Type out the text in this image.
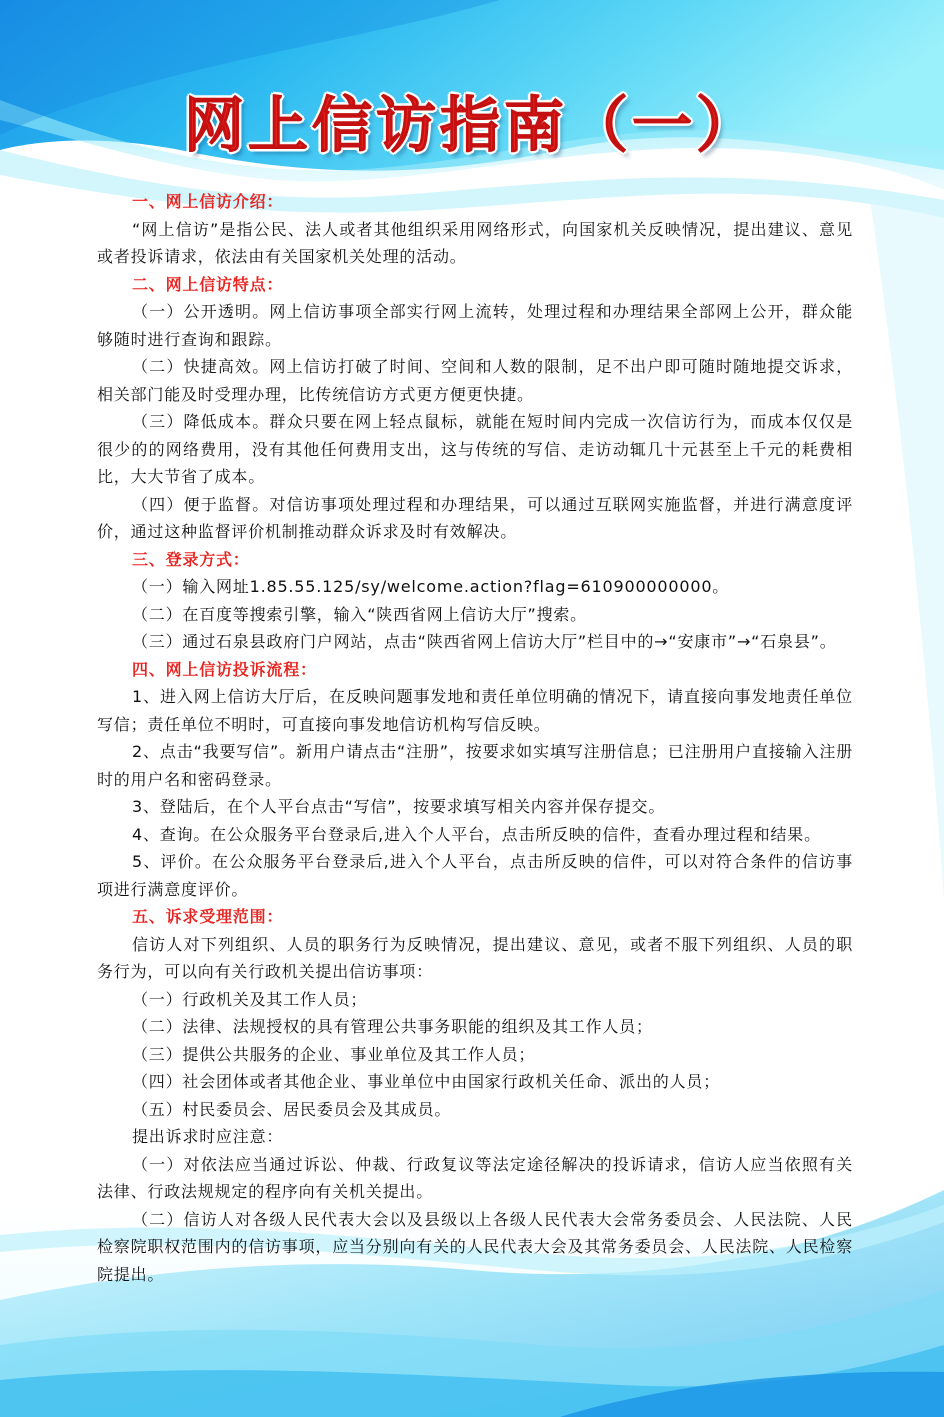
网上信访指南（一）

一、网上信访介绍：

“网上信访”是指公民、法人或者其他组织采用网络形式，向国家机关反映情况，提出建议、意见或者投诉请求，依法由有关国家机关处理的活动。

二、网上信访特点：

（一）公开透明。网上信访事项全部实行网上流转，处理过程和办理结果全部网上公开，群众能够随时进行查询和跟踪。

（二）快捷高效。网上信访打破了时间、空间和人数的限制，足不出户即可随时随地提交诉求，相关部门能及时受理办理，比传统信访方式更方便更快捷。

（三）降低成本。群众只要在网上轻点鼠标，就能在短时间内完成一次信访行为，而成本仅仅是很少的的网络费用，没有其他任何费用支出，这与传统的写信、走访动辄几十元甚至上千元的耗费相比，大大节省了成本。

（四）便于监督。对信访事项处理过程和办理结果，可以通过互联网实施监督，并进行满意度评价，通过这种监督评价机制推动群众诉求及时有效解决。

三、登录方式：

（一）输入网址1.85.55.125/sy/welcome.action?flag=610900000000。

（二）在百度等搜索引擎，输入“陕西省网上信访大厅”搜索。

（三）通过石泉县政府门户网站，点击“陕西省网上信访大厅”栏目中的→“安康市”→“石泉县”。

四、网上信访投诉流程：

1、进入网上信访大厅后，在反映问题事发地和责任单位明确的情况下，请直接向事发地责任单位写信；责任单位不明时，可直接向事发地信访机构写信反映。

2、点击“我要写信”。新用户请点击“注册”，按要求如实填写注册信息；已注册用户直接输入注册时的用户名和密码登录。

3、登陆后，在个人平台点击“写信”，按要求填写相关内容并保存提交。

4、查询。在公众服务平台登录后,进入个人平台，点击所反映的信件，查看办理过程和结果。

5、评价。在公众服务平台登录后,进入个人平台，点击所反映的信件，可以对符合条件的信访事项进行满意度评价。

五、诉求受理范围：

信访人对下列组织、人员的职务行为反映情况，提出建议、意见，或者不服下列组织、人员的职务行为，可以向有关行政机关提出信访事项：

（一）行政机关及其工作人员；

（二）法律、法规授权的具有管理公共事务职能的组织及其工作人员；

（三）提供公共服务的企业、事业单位及其工作人员；

（四）社会团体或者其他企业、事业单位中由国家行政机关任命、派出的人员；

（五）村民委员会、居民委员会及其成员。

提出诉求时应注意：

（一）对依法应当通过诉讼、仲裁、行政复议等法定途径解决的投诉请求，信访人应当依照有关法律、行政法规规定的程序向有关机关提出。

（二）信访人对各级人民代表大会以及县级以上各级人民代表大会常务委员会、人民法院、人民检察院职权范围内的信访事项，应当分别向有关的人民代表大会及其常务委员会、人民法院、人民检察院提出。
